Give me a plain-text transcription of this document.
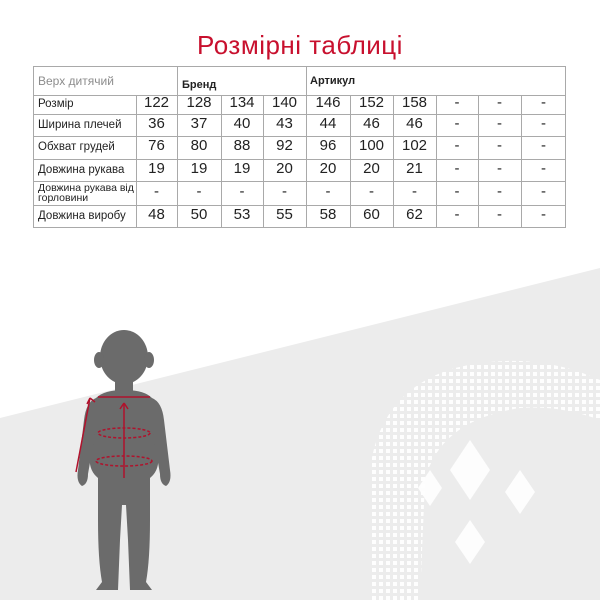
Розмірні таблиці
Верх дитячий	Бренд	Артикул
Розмір	122	128	134	140	146	152	158	-	-	-
Ширина плечей	36	37	40	43	44	46	46	-	-	-
Обхват грудей	76	80	88	92	96	100	102	-	-	-
Довжина рукава	19	19	19	20	20	20	21	-	-	-
Довжина рукава від горловини	-	-	-	-	-	-	-	-	-	-
Довжина виробу	48	50	53	55	58	60	62	-	-	-
